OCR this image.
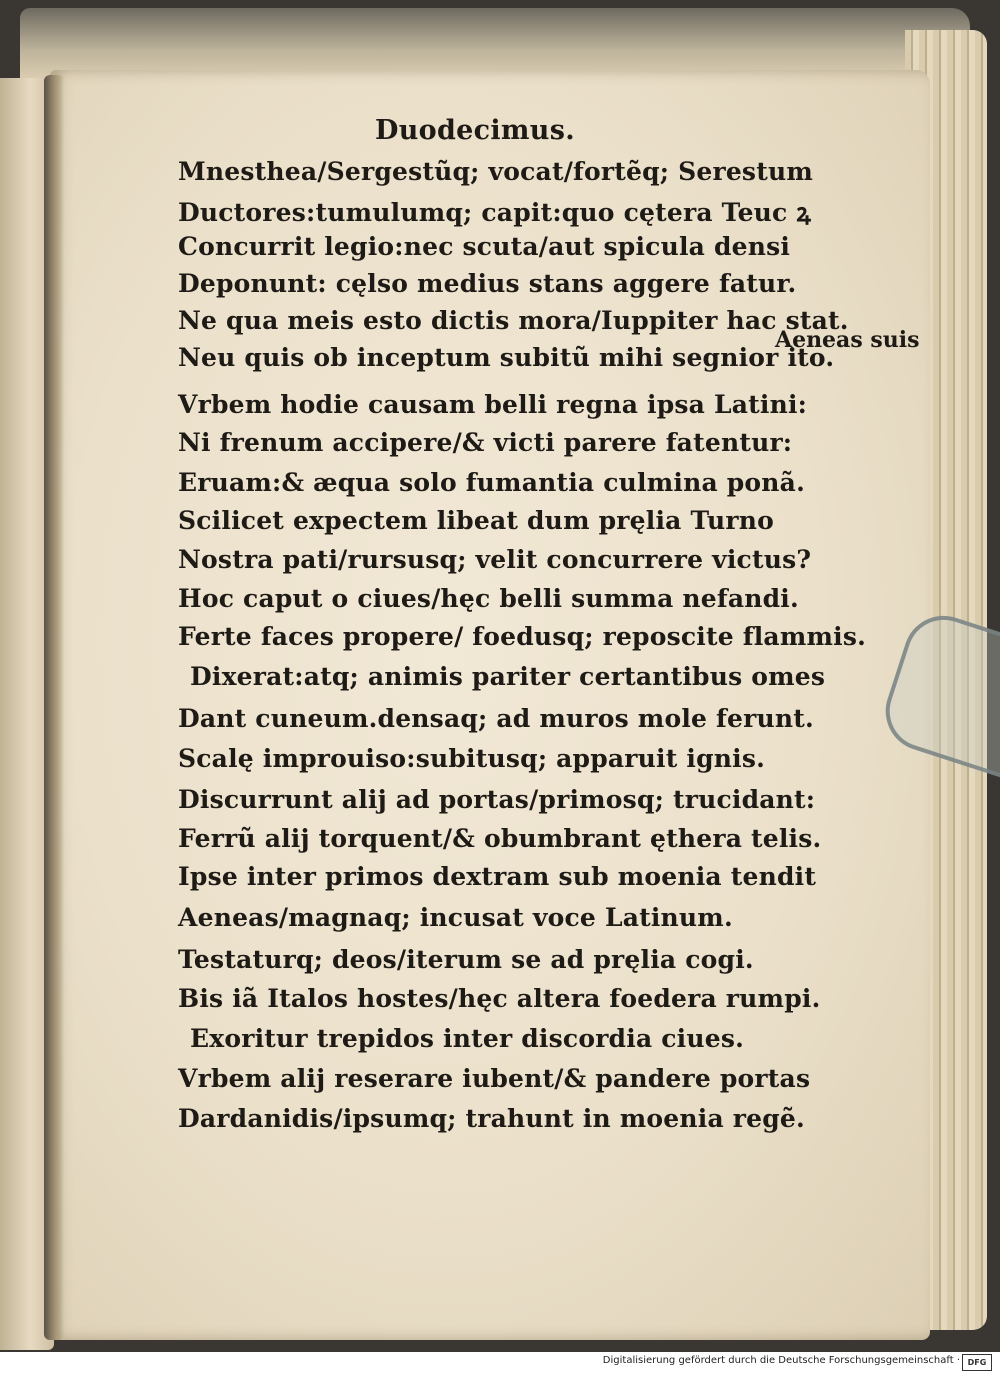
Duodecimus.
Aeneas suis
Mnesthea/Sergestũq; vocat/fortẽq; Serestum
Ductores:tumulumq; capit:quo cętera Teuc ꝝ
Concurrit legio:nec scuta/aut spicula densi
Deponunt: cęlso medius stans aggere fatur.
Ne qua meis esto dictis mora/Iuppiter hac stat.
Neu quis ob inceptum subitũ mihi segnior ito.
Vrbem hodie causam belli regna ipsa Latini:
Ni frenum accipere/& victi parere fatentur:
Eruam:& æqua solo fumantia culmina ponã.
Scilicet expectem libeat dum pręlia Turno
Nostra pati/rursusq; velit concurrere victus?
Hoc caput o ciues/hęc belli summa nefandi.
Ferte faces propere/ foedusq; reposcite flammis.
Dixerat:atq; animis pariter certantibus omes
Dant cuneum.densaq; ad muros mole ferunt.
Scalę improuiso:subitusq; apparuit ignis.
Discurrunt alij ad portas/primosq; trucidant:
Ferrũ alij torquent/& obumbrant ęthera telis.
Ipse inter primos dextram sub moenia tendit
Aeneas/magnaq; incusat voce Latinum.
Testaturq; deos/iterum se ad pręlia cogi.
Bis iã Italos hostes/hęc altera foedera rumpi.
Exoritur trepidos inter discordia ciues.
Vrbem alij reserare iubent/& pandere portas
Dardanidis/ipsumq; trahunt in moenia regẽ.
Digitalisierung gefördert durch die Deutsche Forschungsgemeinschaft · DFG
